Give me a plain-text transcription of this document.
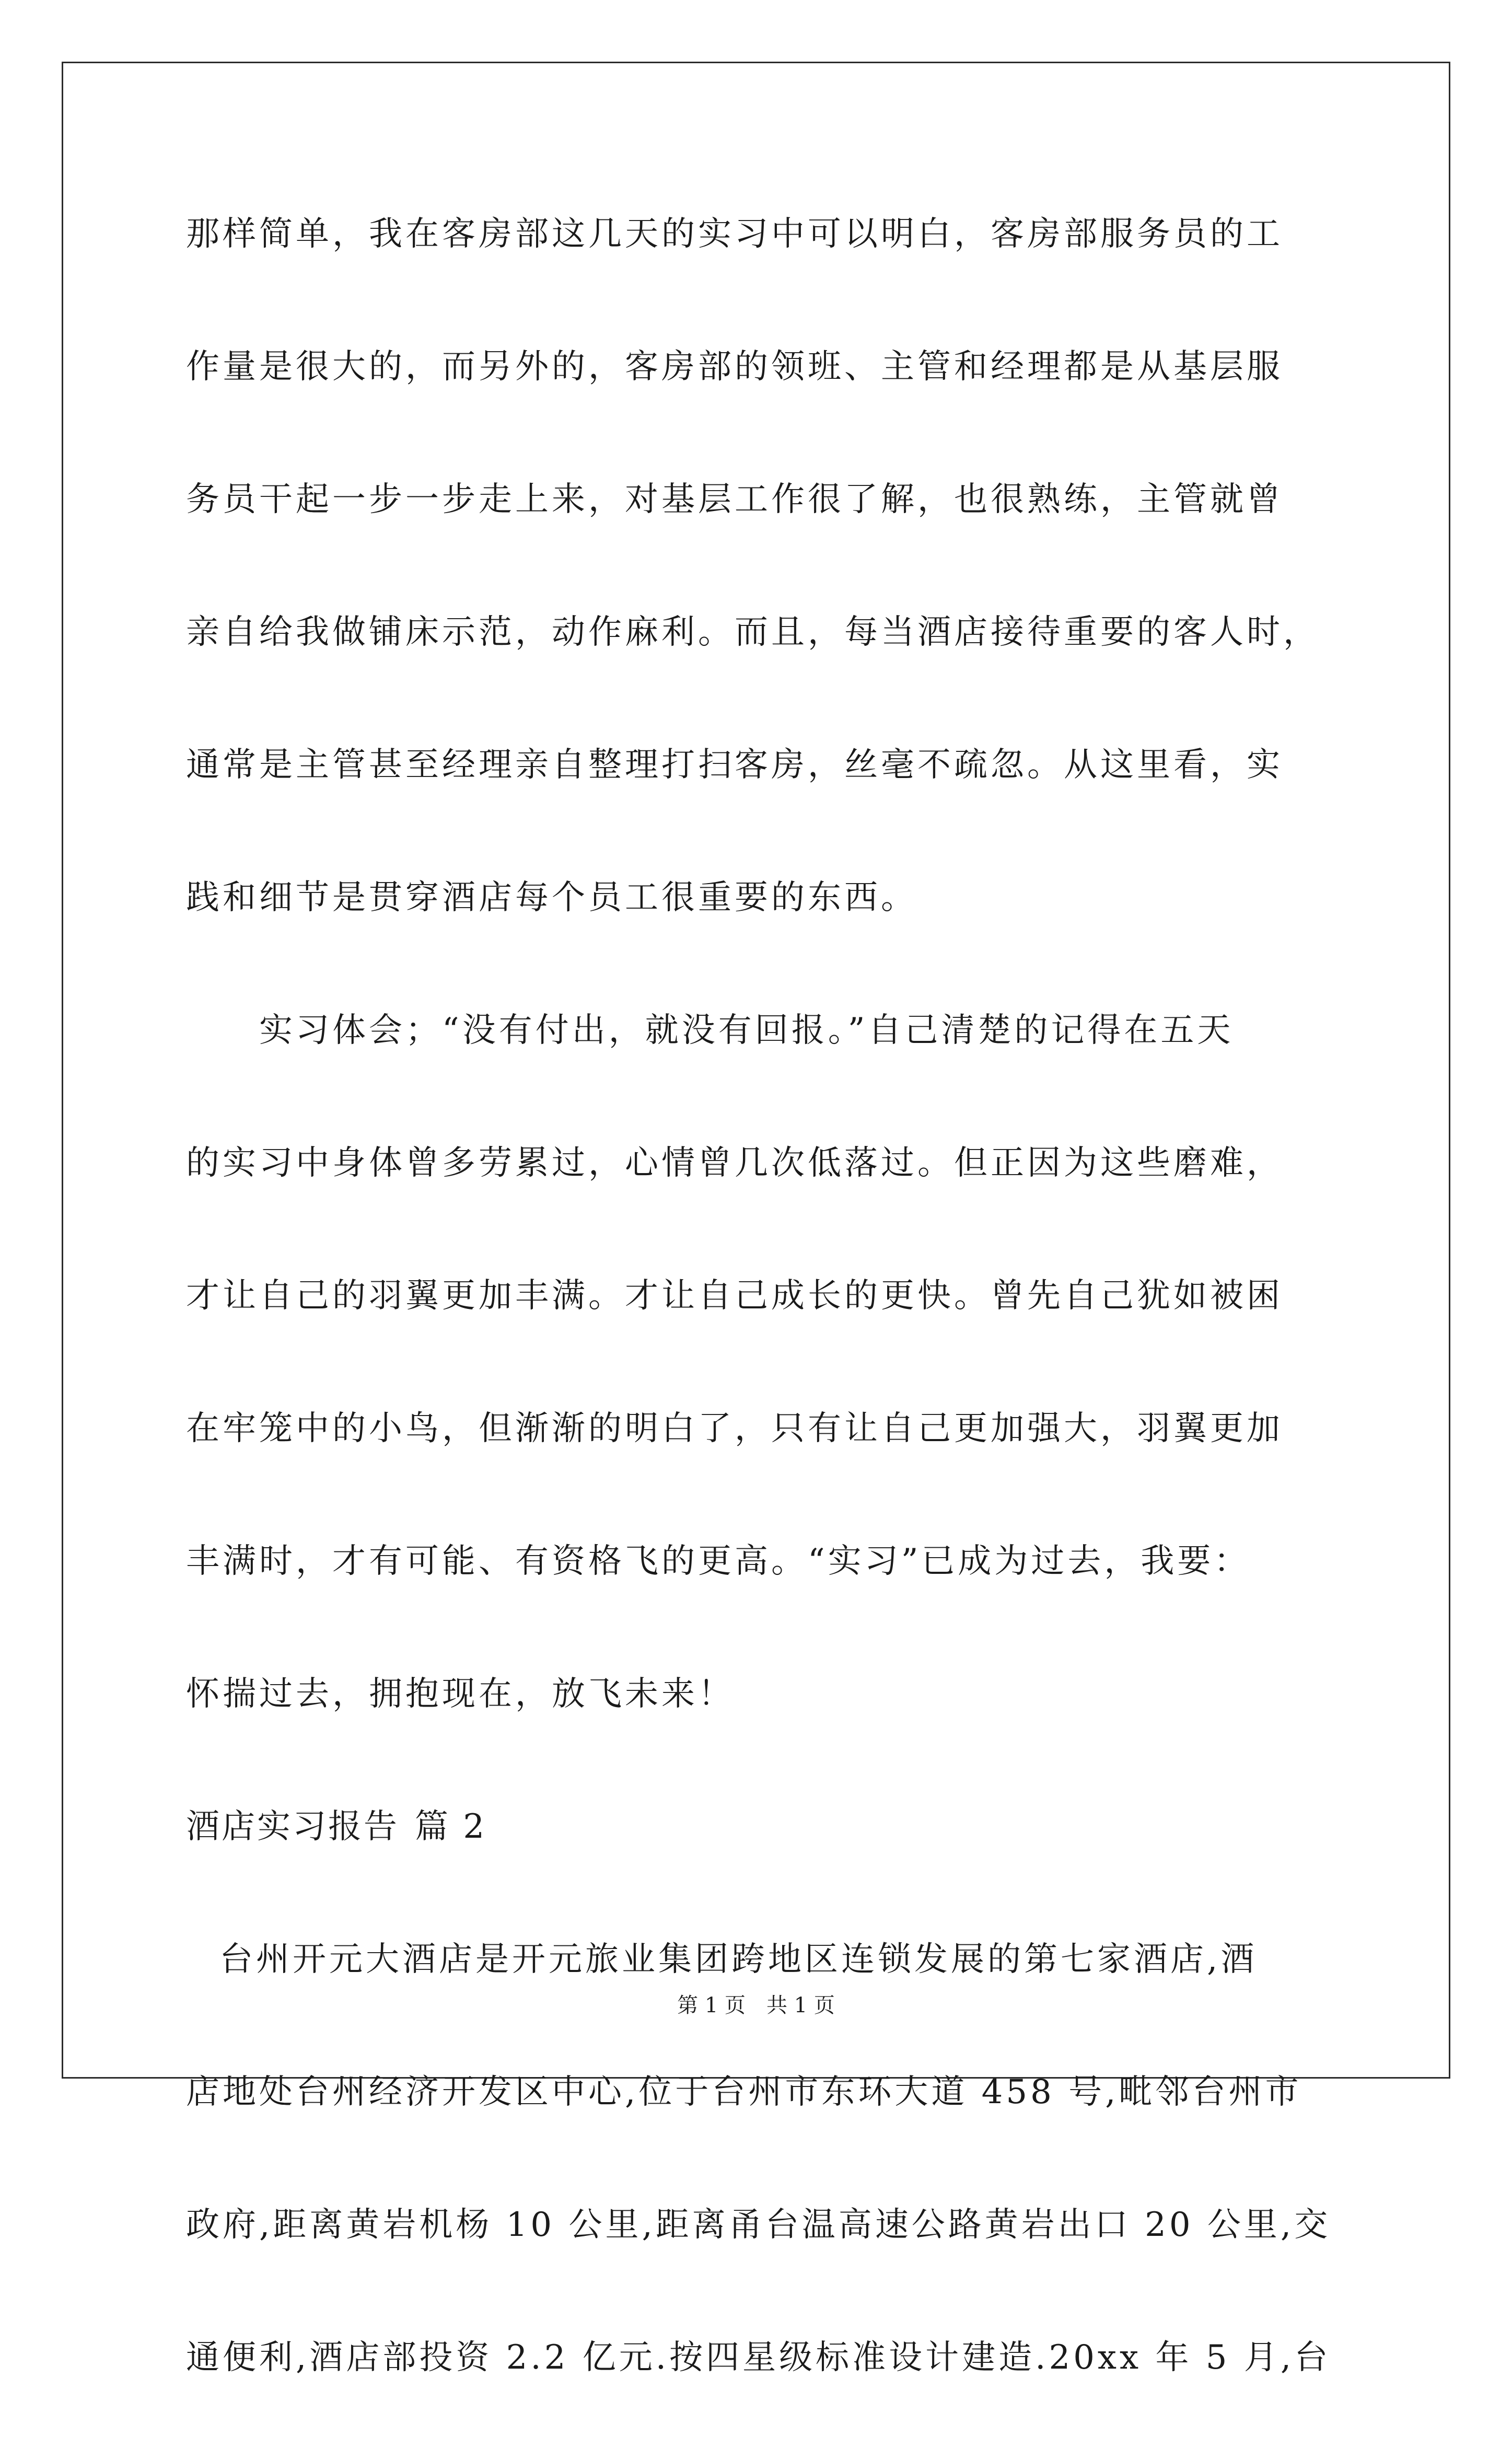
那样简单，我在客房部这几天的实习中可以明白，客房部服务员的工
作量是很大的，而另外的，客房部的领班、主管和经理都是从基层服
务员干起一步一步走上来，对基层工作很了解，也很熟练，主管就曾
亲自给我做铺床示范，动作麻利。而且，每当酒店接待重要的客人时，
通常是主管甚至经理亲自整理打扫客房，丝毫不疏忽。从这里看，实
践和细节是贯穿酒店每个员工很重要的东西。
实习体会；“没有付出，就没有回报。”自己清楚的记得在五天
的实习中身体曾多劳累过，心情曾几次低落过。但正因为这些磨难，
才让自己的羽翼更加丰满。才让自己成长的更快。曾先自己犹如被困
在牢笼中的小鸟，但渐渐的明白了，只有让自己更加强大，羽翼更加
丰满时，才有可能、有资格飞的更高。“实习”已成为过去，我要：
怀揣过去，拥抱现在，放飞未来！
酒店实习报告 篇 2
台州开元大酒店是开元旅业集团跨地区连锁发展的第七家酒店,酒
店地处台州经济开发区中心,位于台州市东环大道 458 号,毗邻台州市
政府,距离黄岩机杨 10 公里,距离甬台温高速公路黄岩出口 20 公里,交
通便利,酒店部投资 2.2 亿元.按四星级标准设计建造.20xx 年 5 月,台
第 1 页 共 1 页
